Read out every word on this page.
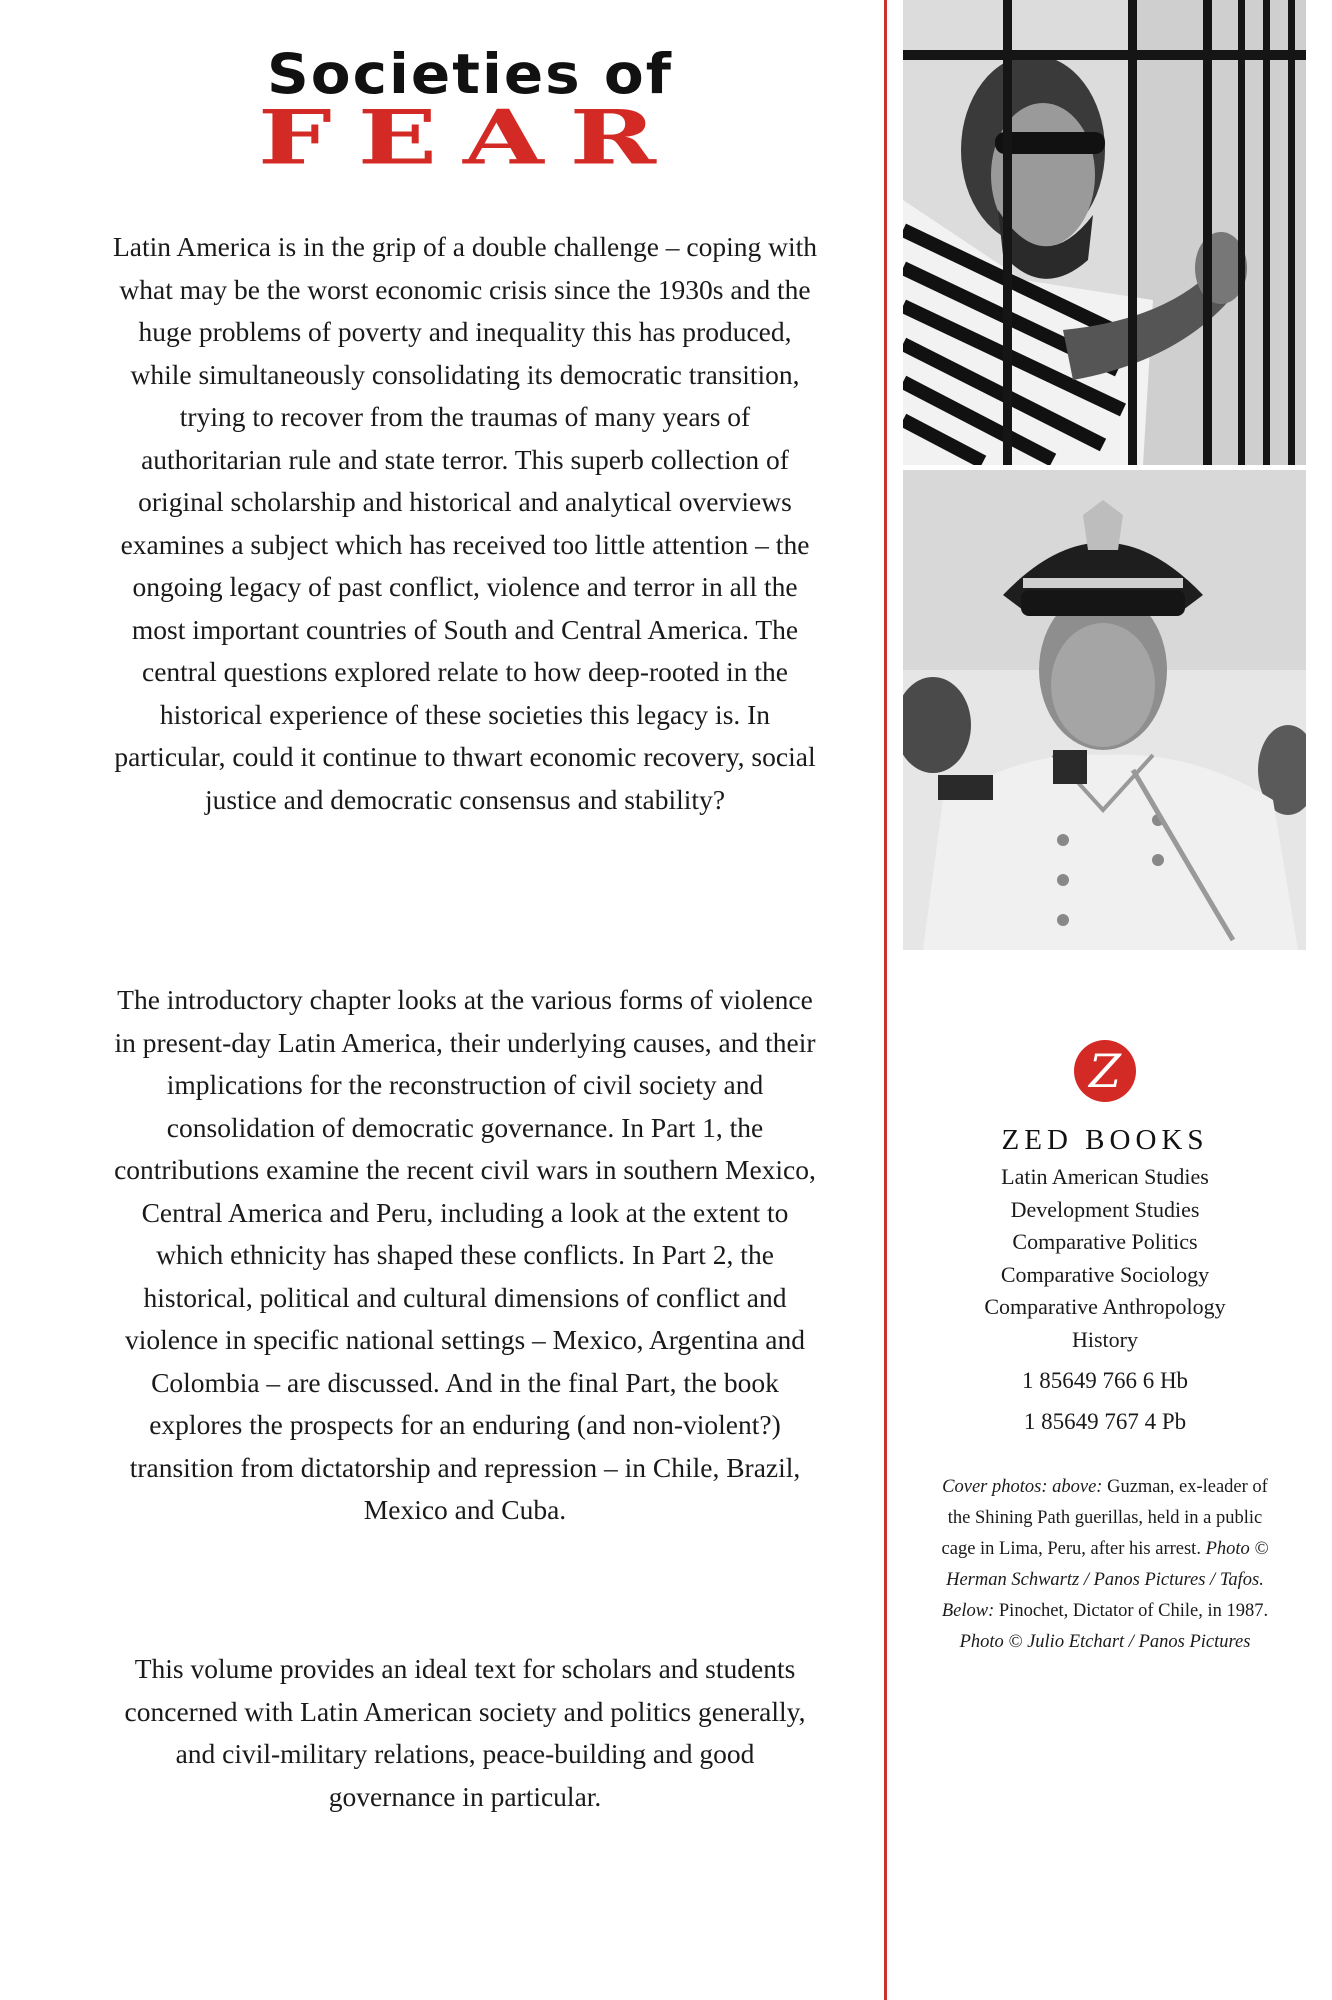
Societies of
FEAR

Latin America is in the grip of a double challenge – coping with what may be the worst economic crisis since the 1930s and the huge problems of poverty and inequality this has produced, while simultaneously consolidating its democratic transition, trying to recover from the traumas of many years of authoritarian rule and state terror. This superb collection of original scholarship and historical and analytical overviews examines a subject which has received too little attention – the ongoing legacy of past conflict, violence and terror in all the most important countries of South and Central America. The central questions explored relate to how deep-rooted in the historical experience of these societies this legacy is. In particular, could it continue to thwart economic recovery, social justice and democratic consensus and stability?

The introductory chapter looks at the various forms of violence in present-day Latin America, their underlying causes, and their implications for the reconstruction of civil society and consolidation of democratic governance. In Part 1, the contributions examine the recent civil wars in southern Mexico, Central America and Peru, including a look at the extent to which ethnicity has shaped these conflicts. In Part 2, the historical, political and cultural dimensions of conflict and violence in specific national settings – Mexico, Argentina and Colombia – are discussed. And in the final Part, the book explores the prospects for an enduring (and non-violent?) transition from dictatorship and repression – in Chile, Brazil, Mexico and Cuba.

This volume provides an ideal text for scholars and students concerned with Latin American society and politics generally, and civil-military relations, peace-building and good governance in particular.

Z
ZED BOOKS
Latin American Studies
Development Studies
Comparative Politics
Comparative Sociology
Comparative Anthropology
History
1 85649 766 6 Hb
1 85649 767 4 Pb
Cover photos: above: Guzman, ex-leader of the Shining Path guerillas, held in a public cage in Lima, Peru, after his arrest. Photo © Herman Schwartz / Panos Pictures / Tafos. Below: Pinochet, Dictator of Chile, in 1987. Photo © Julio Etchart / Panos Pictures
